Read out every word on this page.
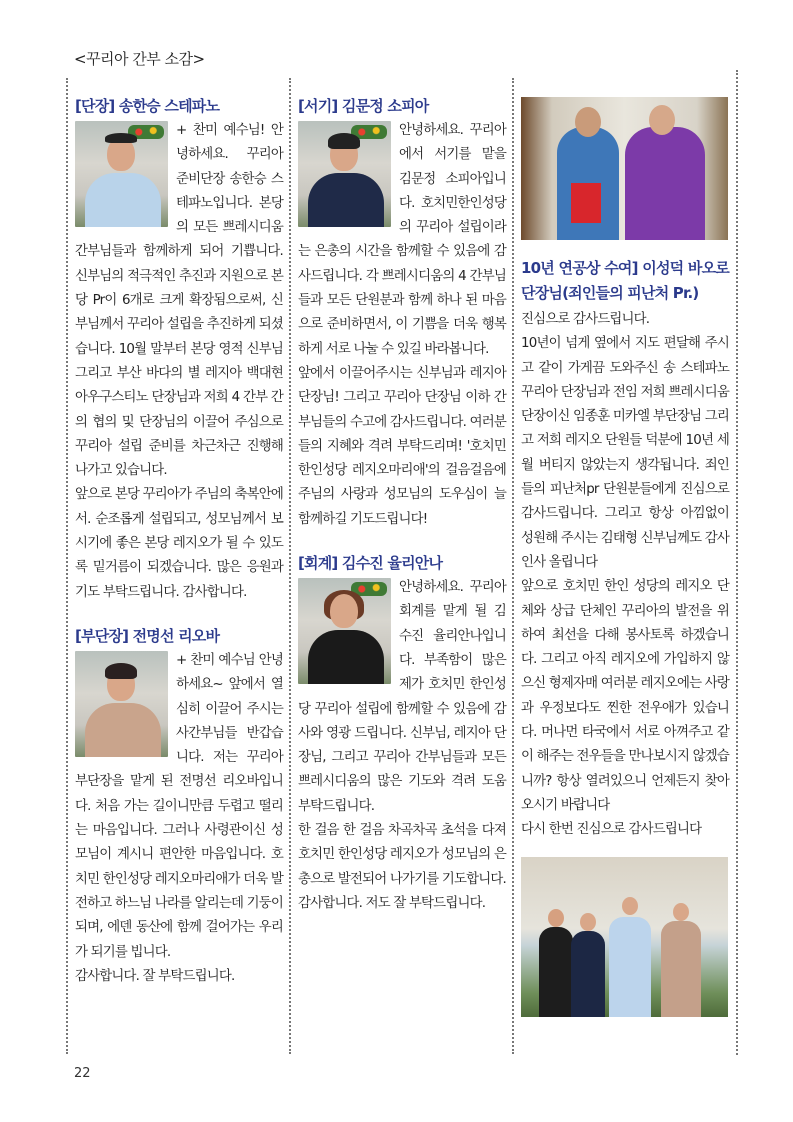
<꾸리아 간부 소감>
[단장] 송한승 스테파노

+ 찬미 예수님! 안녕하세요. 꾸리아 준비단장 송한승 스테파노입니다. 본당의 모든 쁘레시디움 간부님들과 함께하게 되어 기쁩니다. 신부님의 적극적인 추진과 지원으로 본당 Pr이 6개로 크게 확장됨으로써, 신부님께서 꾸리아 설립을 추진하게 되셨습니다. 10월 말부터 본당 영적 신부님 그리고 부산 바다의 별 레지아 백대현 아우구스티노 단장님과 저희 4 간부 간의 협의 및 단장님의 이끌어 주심으로 꾸리아 설립 준비를 차근차근 진행해 나가고 있습니다.

앞으로 본당 꾸리아가 주님의 축복안에서. 순조롭게 설립되고, 성모님께서 보시기에 좋은 본당 레지오가 될 수 있도록 밑거름이 되겠습니다. 많은 응원과 기도 부탁드립니다. 감사합니다.

[부단장] 전명선 리오바

+ 찬미 예수님 안녕하세요~ 앞에서 열심히 이끌어 주시는 사간부님들 반갑습니다. 저는 꾸리아 부단장을 맡게 된 전명선 리오바입니다. 처음 가는 길이니만큼 두렵고 떨리는 마음입니다. 그러나 사령관이신 성모님이 계시니 편안한 마음입니다. 호치민 한인성당 레지오마리애가 더욱 발전하고 하느님 나라를 알리는데 기둥이 되며, 에덴 동산에 함께 걸어가는 우리가 되기를 빕니다.

감사합니다. 잘 부탁드립니다.

[서기] 김문정 소피아

안녕하세요. 꾸리아에서 서기를 맡을 김문정 소피아입니다. 호치민한인성당의 꾸리아 설립이라는 은총의 시간을 함께할 수 있음에 감사드립니다. 각 쁘레시디움의 4 간부님들과 모든 단원분과 함께 하나 된 마음으로 준비하면서, 이 기쁨을 더욱 행복하게 서로 나눌 수 있길 바라봅니다.

앞에서 이끌어주시는 신부님과 레지아 단장님! 그리고 꾸리아 단장님 이하 간부님들의 수고에 감사드립니다. 여러분들의 지혜와 격려 부탁드리며! '호치민한인성당 레지오마리애'의 걸음걸음에 주님의 사랑과 성모님의 도우심이 늘 함께하길 기도드립니다!

[회계] 김수진 율리안나

안녕하세요. 꾸리아 회계를 맡게 될 김수진 율리안나입니다. 부족함이 많은 제가 호치민 한인성당 꾸리아 설립에 함께할 수 있음에 감사와 영광 드립니다. 신부님, 레지아 단장님, 그리고 꾸리아 간부님들과 모든 쁘레시디움의 많은 기도와 격려 도움 부탁드립니다.

한 걸음 한 걸음 차곡차곡 초석을 다져 호치민 한인성당 레지오가 성모님의 은총으로 발전되어 나가기를 기도합니다.

감사합니다. 저도 잘 부탁드립니다.

10년 연공상 수여] 이성덕 바오로 단장님(죄인들의 피난처 Pr.)

진심으로 감사드립니다.

10년이 넘게 옆에서 지도 편달해 주시고 같이 가게끔 도와주신 송 스테파노 꾸리아 단장님과 전임 저희 쁘레시디움 단장이신 임종훈 미카엘 부단장님 그리고 저희 레지오 단원들 덕분에 10년 세월 버티지 않았는지 생각됩니다. 죄인들의 피난처pr 단원분들에게 진심으로 감사드립니다. 그리고 항상 아낌없이 성원해 주시는 김태형 신부님께도 감사 인사 올립니다

앞으로 호치민 한인 성당의 레지오 단체와 상급 단체인 꾸리아의 발전을 위하여 최선을 다해 봉사토록 하겠습니다. 그리고 아직 레지오에 가입하지 않으신 형제자매 여러분 레지오에는 사랑과 우정보다도 찐한 전우애가 있습니다. 머나먼 타국에서 서로 아껴주고 같이 해주는 전우들을 만나보시지 않겠습니까? 항상 열려있으니 언제든지 찾아오시기 바랍니다

다시 한번 진심으로 감사드립니다

22
